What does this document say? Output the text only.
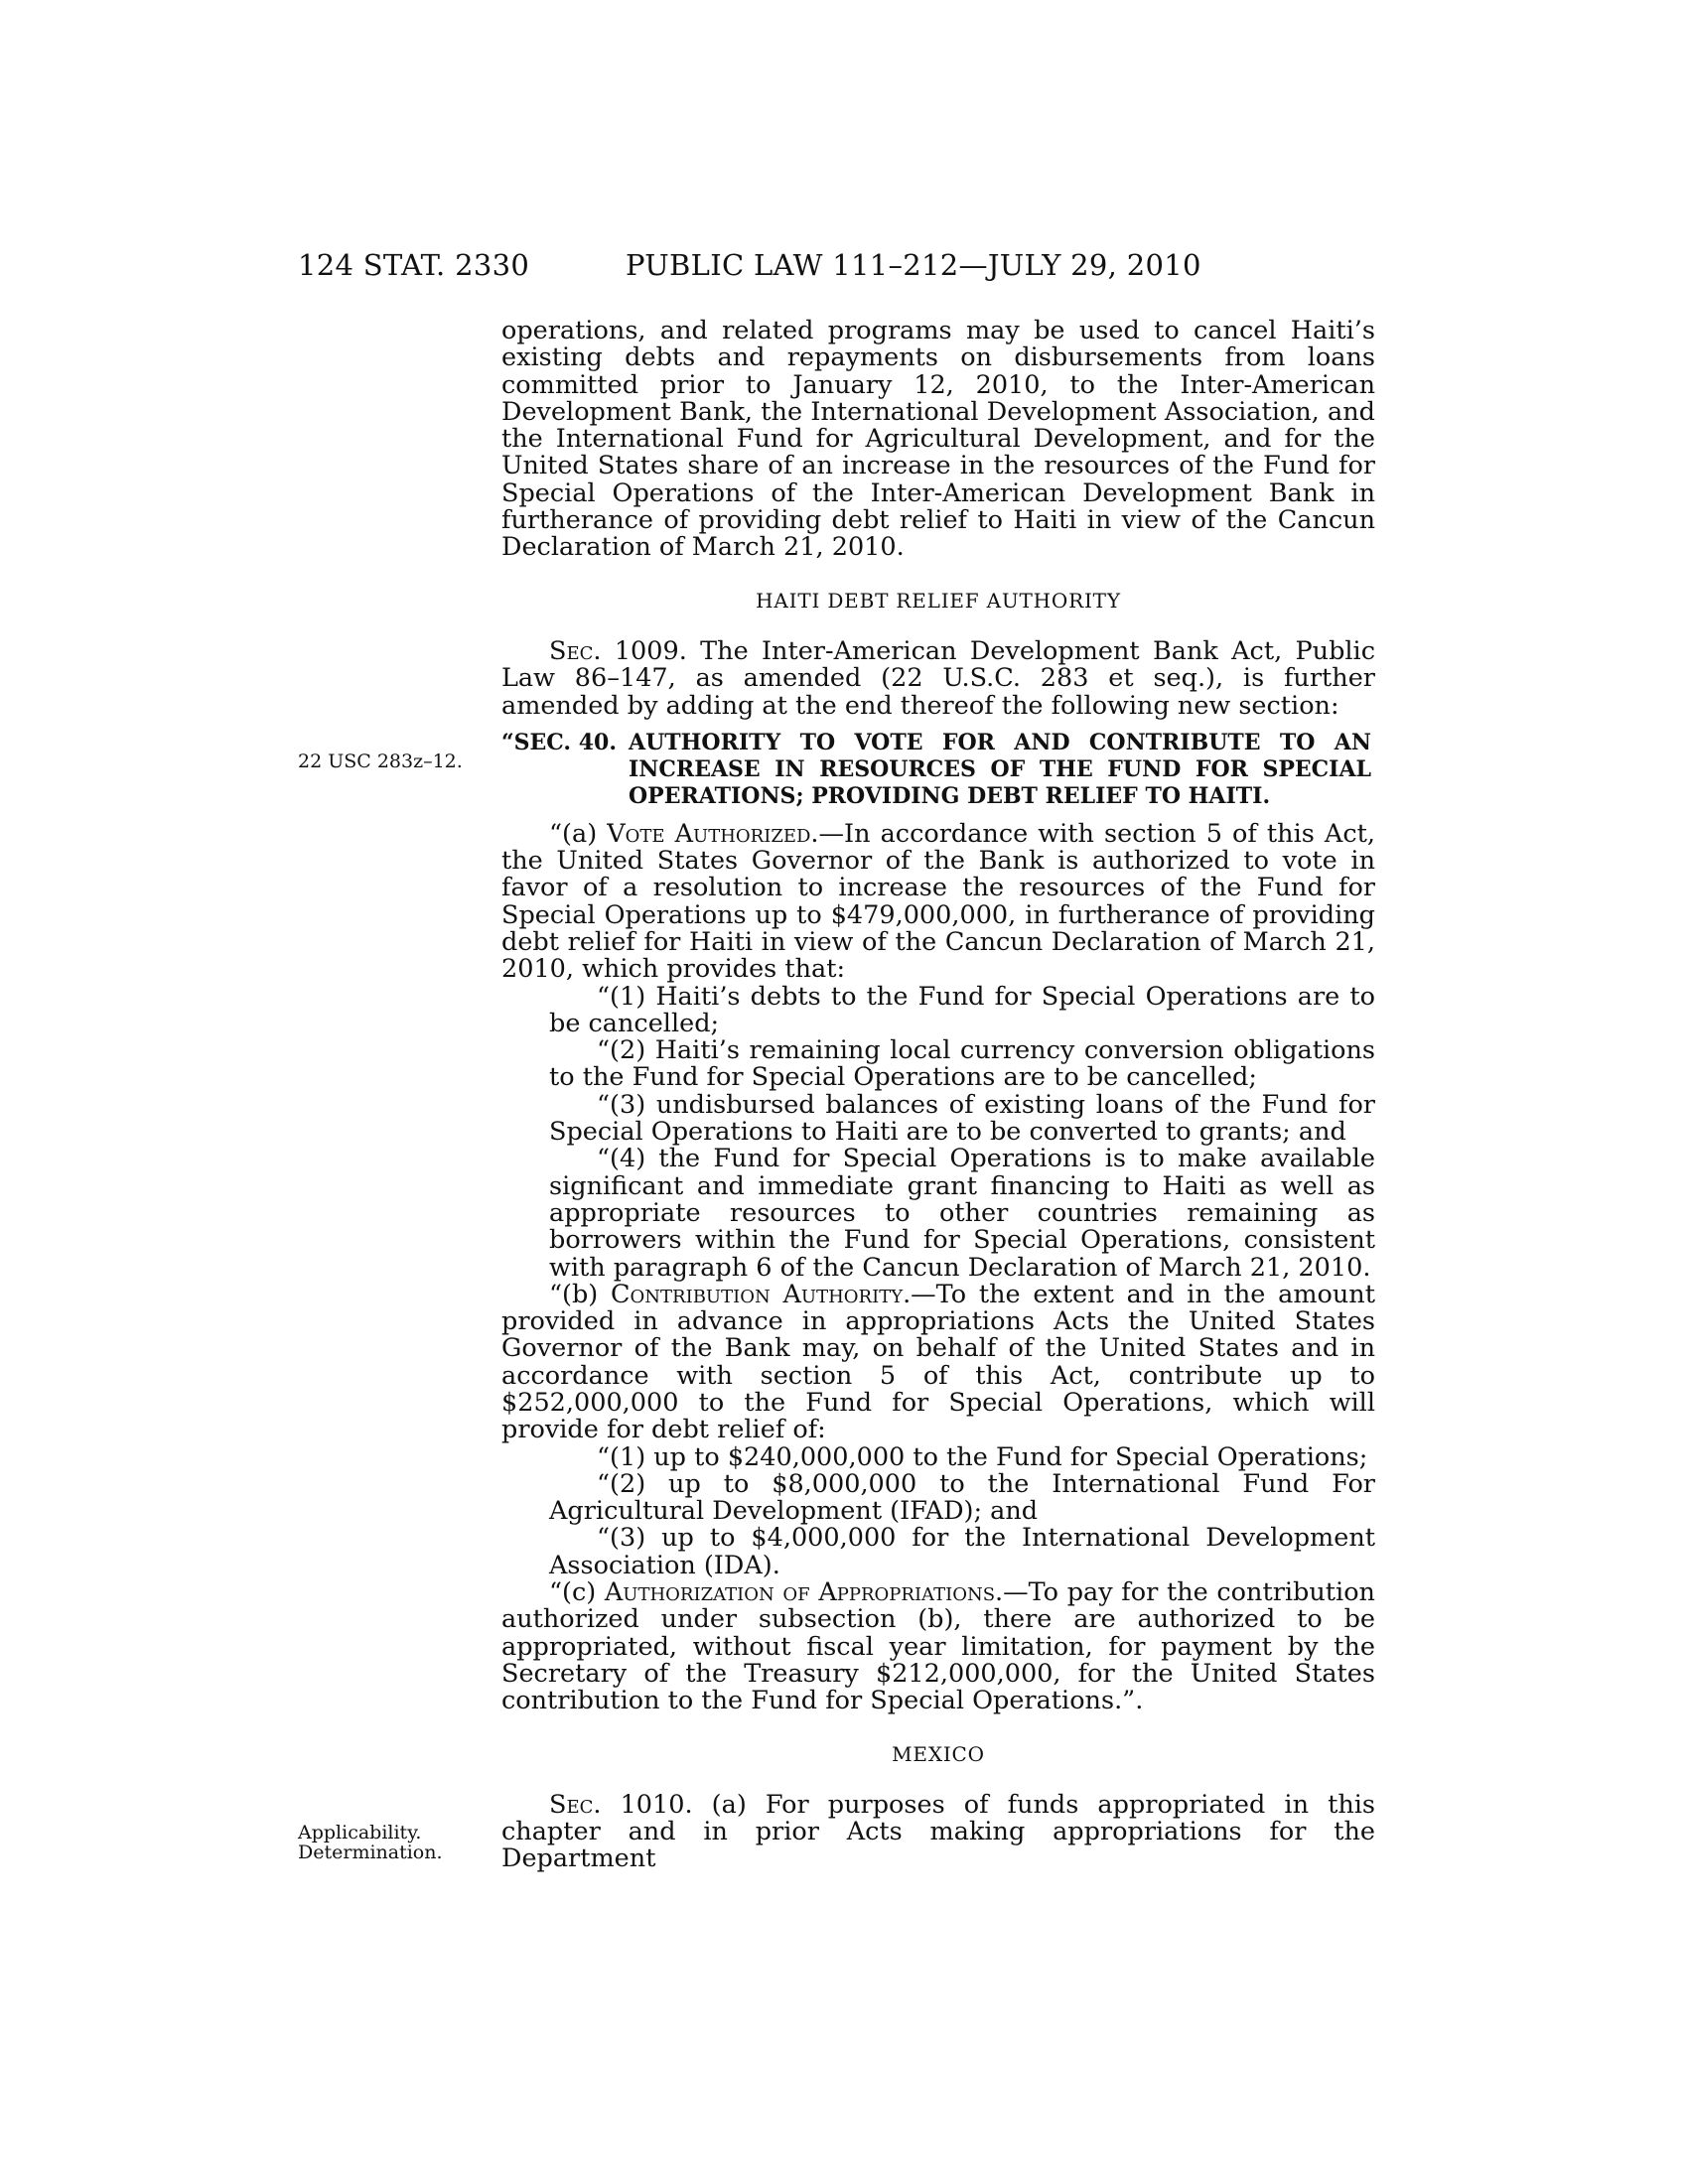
124 STAT. 2330	PUBLIC LAW 111–212—JULY 29, 2010
22 USC 283z–12.
Applicability.
Determination.

operations, and related programs may be used to cancel Haiti’s existing debts and repayments on disbursements from loans committed prior to January 12, 2010, to the Inter-American Development Bank, the International Development Association, and the International Fund for Agricultural Development, and for the United States share of an increase in the resources of the Fund for Special Operations of the Inter-American Development Bank in furtherance of providing debt relief to Haiti in view of the Cancun Declaration of March 21, 2010.

HAITI DEBT RELIEF AUTHORITY

Sec. 1009. The Inter-American Development Bank Act, Public Law 86–147, as amended (22 U.S.C. 283 et seq.), is further amended by adding at the end thereof the following new section:

“SEC. 40. AUTHORITY TO VOTE FOR AND CONTRIBUTE TO AN INCREASE IN RESOURCES OF THE FUND FOR SPECIAL OPERATIONS; PROVIDING DEBT RELIEF TO HAITI.

“(a) Vote Authorized.—In accordance with section 5 of this Act, the United States Governor of the Bank is authorized to vote in favor of a resolution to increase the resources of the Fund for Special Operations up to $479,000,000, in furtherance of providing debt relief for Haiti in view of the Cancun Declaration of March 21, 2010, which provides that:

“(1) Haiti’s debts to the Fund for Special Operations are to be cancelled;

“(2) Haiti’s remaining local currency conversion obligations to the Fund for Special Operations are to be cancelled;

“(3) undisbursed balances of existing loans of the Fund for Special Operations to Haiti are to be converted to grants; and

“(4) the Fund for Special Operations is to make available significant and immediate grant financing to Haiti as well as appropriate resources to other countries remaining as borrowers within the Fund for Special Operations, consistent with paragraph 6 of the Cancun Declaration of March 21, 2010.

“(b) Contribution Authority.—To the extent and in the amount provided in advance in appropriations Acts the United States Governor of the Bank may, on behalf of the United States and in accordance with section 5 of this Act, contribute up to $252,000,000 to the Fund for Special Operations, which will provide for debt relief of:

“(1) up to $240,000,000 to the Fund for Special Operations;

“(2) up to $8,000,000 to the International Fund For Agricultural Development (IFAD); and

“(3) up to $4,000,000 for the International Development Association (IDA).

“(c) Authorization of Appropriations.—To pay for the contribution authorized under subsection (b), there are authorized to be appropriated, without fiscal year limitation, for payment by the Secretary of the Treasury $212,000,000, for the United States contribution to the Fund for Special Operations.”.

MEXICO

Sec. 1010. (a) For purposes of funds appropriated in this chapter and in prior Acts making appropriations for the Department
